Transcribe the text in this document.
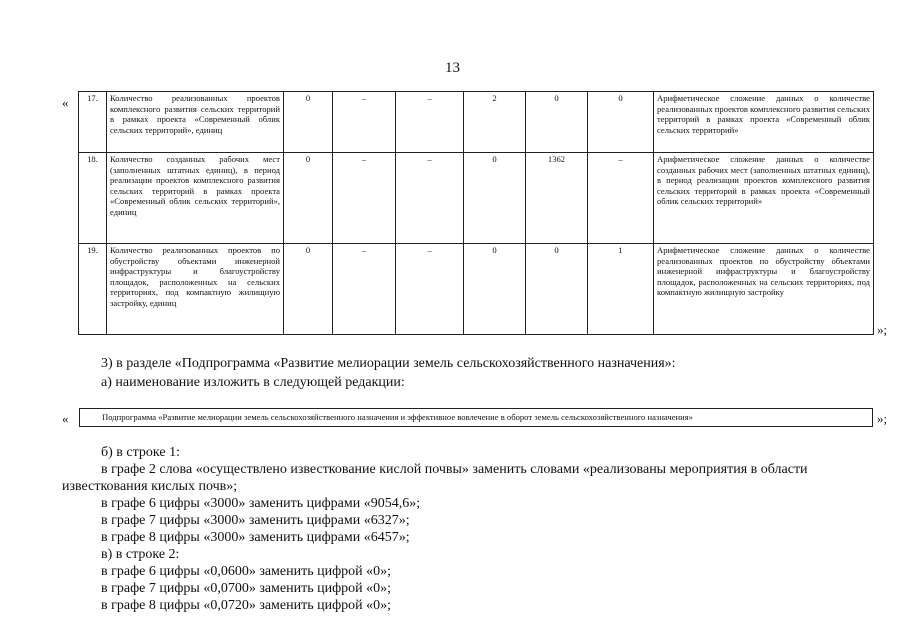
13
« 17.	Количество реализованных проектов комплексного развития сельских территорий в рамках проекта «Современный облик сельских территорий», единиц	0	–	–	2	0	0	Арифметическое сложение данных о количестве реализованных проектов комплексного развития сельских территорий в рамках проекта «Современный облик сельских территорий»
18.	Количество созданных рабочих мест (заполненных штатных единиц), в период реализации проектов комплексного развития сельских территорий в рамках проекта «Современный облик сельских территорий», единиц	0	–	–	0	1362	–	Арифметическое сложение данных о количестве созданных рабочих мест (заполненных штатных единиц), в период реализации проектов комплексного развития сельских территорий в рамках проекта «Современный облик сельских территорий»
19.	Количество реализованных проектов по обустройству объектами инженерной инфраструктуры и благоустройству площадок, расположенных на сельских территориях, под компактную жилищную застройку, единиц	0	–	–	0	0	1	Арифметическое сложение данных о количестве реализованных проектов по обустройству объектами инженерной инфраструктуры и благоустройству площадок, расположенных на сельских территориях, под компактную жилищную застройку
»;
3) в разделе «Подпрограмма «Развитие мелиорации земель сельскохозяйственного назначения»:
а) наименование изложить в следующей редакции:
«	Подпрограмма «Развитие мелиорации земель сельскохозяйственного назначения и эффективное вовлечение в оборот земель сельскохозяйственного назначения»	»;
б) в строке 1:
в графе 2 слова «осуществлено известкование кислой почвы» заменить словами «реализованы мероприятия в области
известкования кислых почв»;
в графе 6 цифры «3000» заменить цифрами «9054,6»;
в графе 7 цифры «3000» заменить цифрами «6327»;
в графе 8 цифры «3000» заменить цифрами «6457»;
в) в строке 2:
в графе 6 цифры «0,0600» заменить цифрой «0»;
в графе 7 цифры «0,0700» заменить цифрой «0»;
в графе 8 цифры «0,0720» заменить цифрой «0»;
